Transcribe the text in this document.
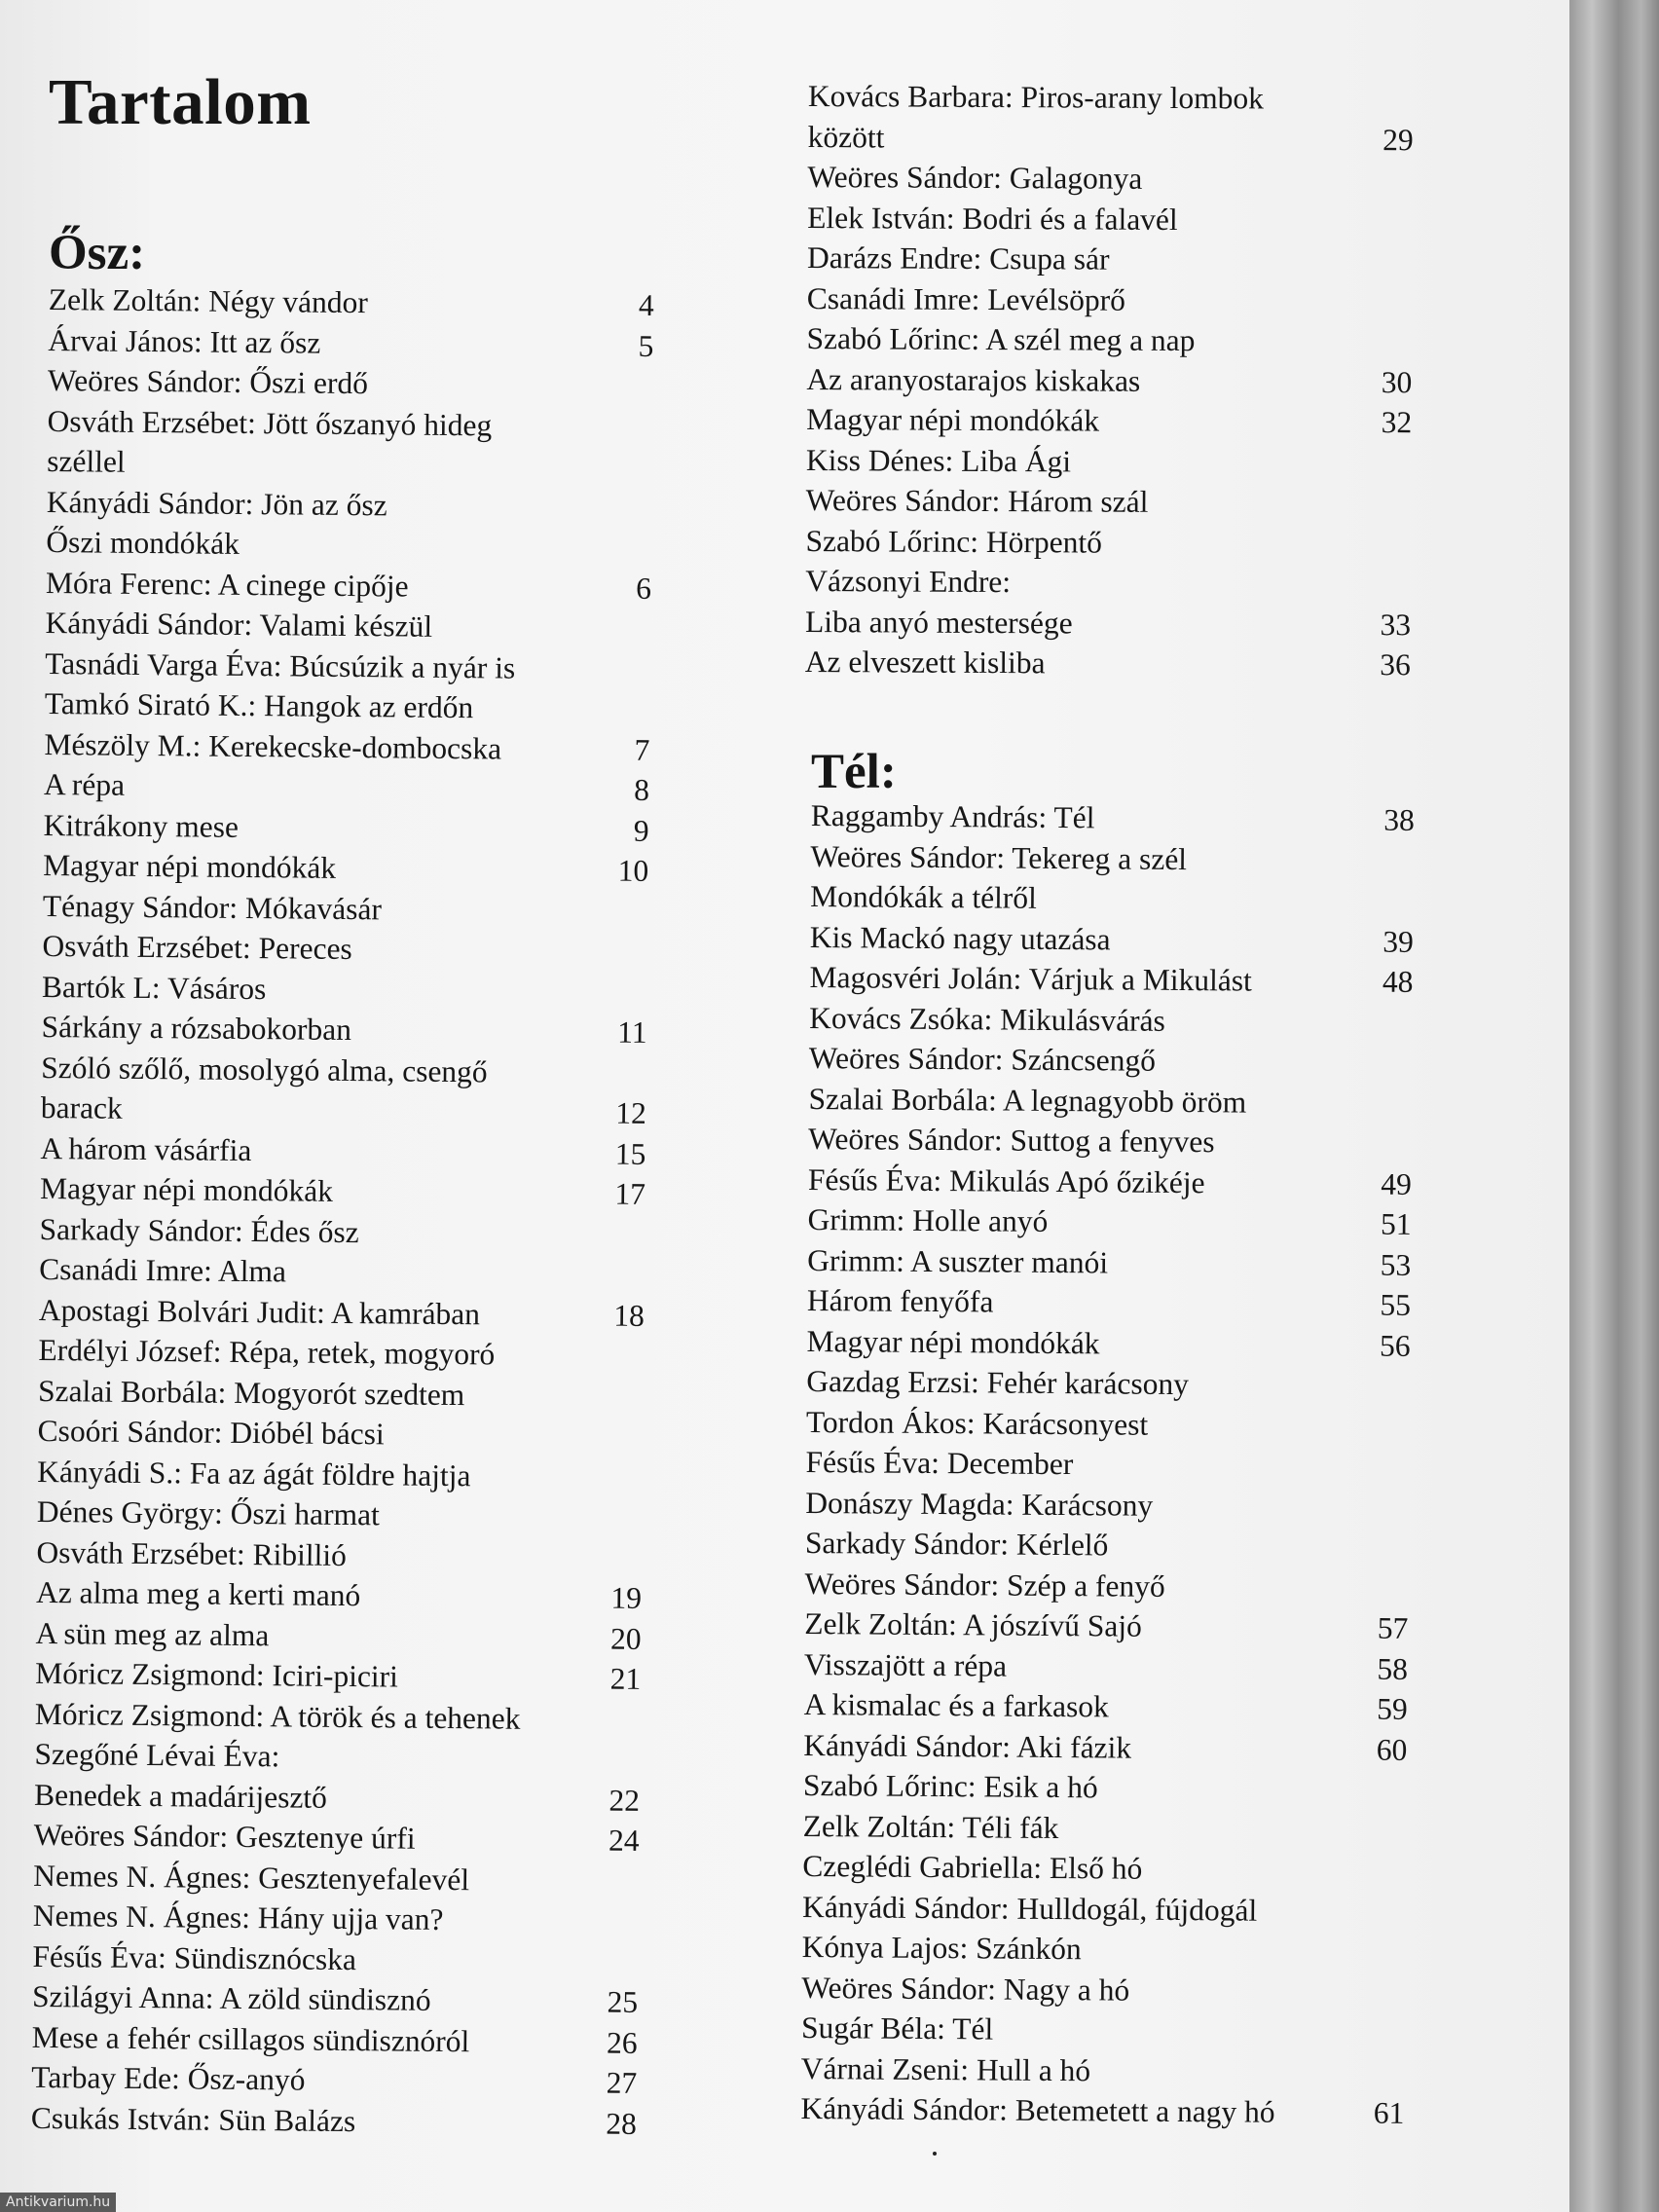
Tartalom
Ősz:
Zelk Zoltán: Négy vándor	4
Árvai János: Itt az ősz	5
Weöres Sándor: Őszi erdő
Osváth Erzsébet: Jött őszanyó hideg
széllel
Kányádi Sándor: Jön az ősz
Őszi mondókák
Móra Ferenc: A cinege cipője	6
Kányádi Sándor: Valami készül
Tasnádi Varga Éva: Búcsúzik a nyár is
Tamkó Sirató K.: Hangok az erdőn
Mészöly M.: Kerekecske-dombocska	7
A répa	8
Kitrákony mese	9
Magyar népi mondókák	10
Ténagy Sándor: Mókavásár
Osváth Erzsébet: Pereces
Bartók L: Vásáros
Sárkány a rózsabokorban	11
Szóló szőlő, mosolygó alma, csengő
barack	12
A három vásárfia	15
Magyar népi mondókák	17
Sarkady Sándor: Édes ősz
Csanádi Imre: Alma
Apostagi Bolvári Judit: A kamrában	18
Erdélyi József: Répa, retek, mogyoró
Szalai Borbála: Mogyorót szedtem
Csoóri Sándor: Dióbél bácsi
Kányádi S.: Fa az ágát földre hajtja
Dénes György: Őszi harmat
Osváth Erzsébet: Ribillió
Az alma meg a kerti manó	19
A sün meg az alma	20
Móricz Zsigmond: Iciri-piciri	21
Móricz Zsigmond: A török és a tehenek
Szegőné Lévai Éva:
Benedek a madárijesztő	22
Weöres Sándor: Gesztenye úrfi	24
Nemes N. Ágnes: Gesztenyefalevél
Nemes N. Ágnes: Hány ujja van?
Fésűs Éva: Sündisznócska
Szilágyi Anna: A zöld sündisznó	25
Mese a fehér csillagos sündisznóról	26
Tarbay Ede: Ősz-anyó	27
Csukás István: Sün Balázs	28
Kovács Barbara: Piros-arany lombok
között	29
Weöres Sándor: Galagonya
Elek István: Bodri és a falavél
Darázs Endre: Csupa sár
Csanádi Imre: Levélsöprő
Szabó Lőrinc: A szél meg a nap
Az aranyostarajos kiskakas	30
Magyar népi mondókák	32
Kiss Dénes: Liba Ági
Weöres Sándor: Három szál
Szabó Lőrinc: Hörpentő
Vázsonyi Endre:
Liba anyó mestersége	33
Az elveszett kisliba	36
Tél:
Raggamby András: Tél	38
Weöres Sándor: Tekereg a szél
Mondókák a télről
Kis Mackó nagy utazása	39
Magosvéri Jolán: Várjuk a Mikulást	48
Kovács Zsóka: Mikulásvárás
Weöres Sándor: Száncsengő
Szalai Borbála: A legnagyobb öröm
Weöres Sándor: Suttog a fenyves
Fésűs Éva: Mikulás Apó őzikéje	49
Grimm: Holle anyó	51
Grimm: A suszter manói	53
Három fenyőfa	55
Magyar népi mondókák	56
Gazdag Erzsi: Fehér karácsony
Tordon Ákos: Karácsonyest
Fésűs Éva: December
Donászy Magda: Karácsony
Sarkady Sándor: Kérlelő
Weöres Sándor: Szép a fenyő
Zelk Zoltán: A jószívű Sajó	57
Visszajött a répa	58
A kismalac és a farkasok	59
Kányádi Sándor: Aki fázik	60
Szabó Lőrinc: Esik a hó
Zelk Zoltán: Téli fák
Czeglédi Gabriella: Első hó
Kányádi Sándor: Hulldogál, fújdogál
Kónya Lajos: Szánkón
Weöres Sándor: Nagy a hó
Sugár Béla: Tél
Várnai Zseni: Hull a hó
Kányádi Sándor: Betemetett a nagy hó	61
Antikvarium.hu
